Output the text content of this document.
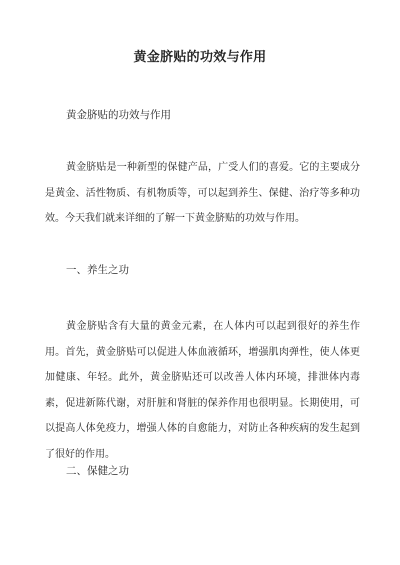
黄金脐贴的功效与作用
黄金脐贴的功效与作用

黄金脐贴是一种新型的保健产品，广受人们的喜爱。它的主要成分是黄金、活性物质、有机物质等，可以起到养生、保健、治疗等多种功效。今天我们就来详细的了解一下黄金脐贴的功效与作用。

一、养生之功

黄金脐贴含有大量的黄金元素，在人体内可以起到很好的养生作用。首先，黄金脐贴可以促进人体血液循环，增强肌肉弹性，使人体更加健康、年轻。此外，黄金脐贴还可以改善人体内环境，排泄体内毒素，促进新陈代谢，对肝脏和肾脏的保养作用也很明显。长期使用，可以提高人体免疫力，增强人体的自愈能力，对防止各种疾病的发生起到了很好的作用。

二、保健之功
